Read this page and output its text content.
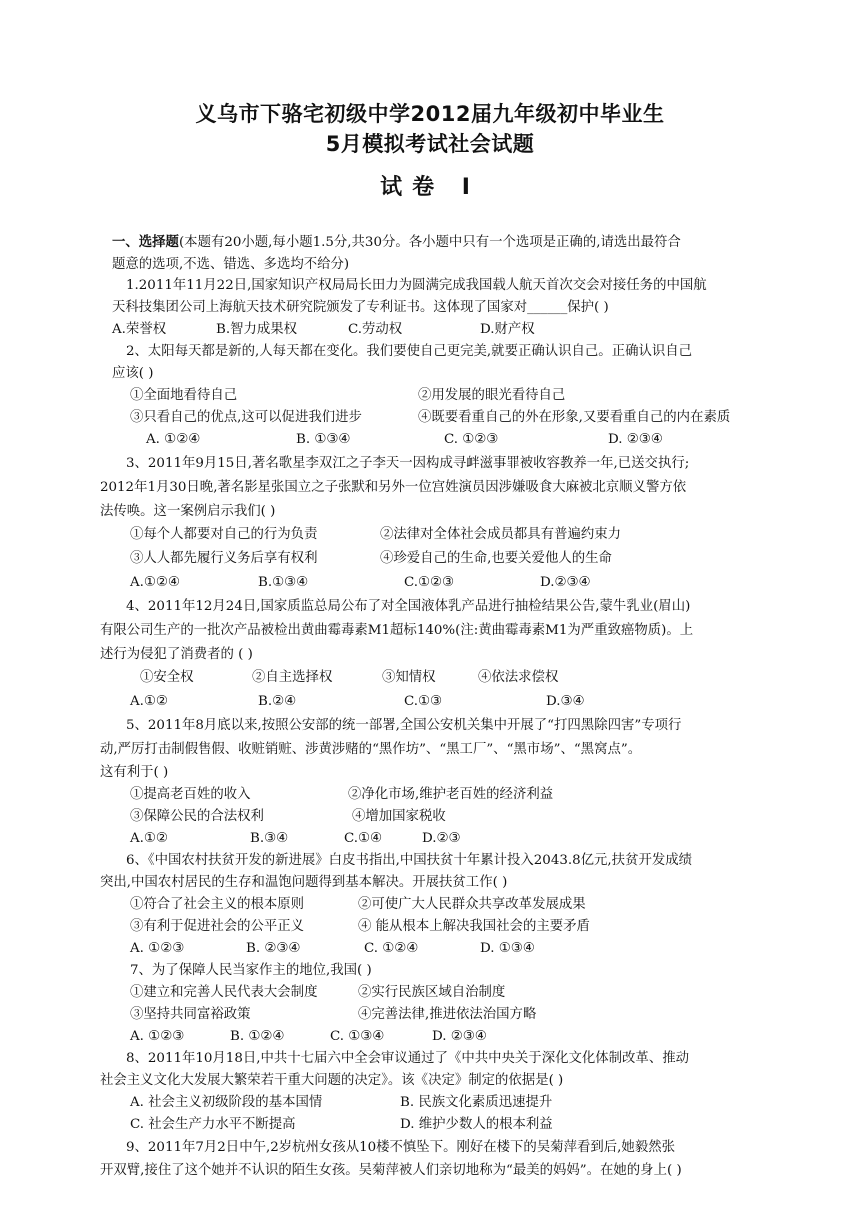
义乌市下骆宅初级中学2012届九年级初中毕业生
5月模拟考试社会试题
试卷 Ⅰ
一、选择题(本题有20小题,每小题1.5分,共30分。各小题中只有一个选项是正确的,请选出最符合
题意的选项,不选、错选、多选均不给分)
1.2011年11月22日,国家知识产权局局长田力为圆满完成我国载人航天首次交会对接任务的中国航
天科技集团公司上海航天技术研究院颁发了专利证书。这体现了国家对______保护( )
A.荣誉权	B.智力成果权	C.劳动权	D.财产权
2、太阳每天都是新的,人每天都在变化。我们要使自己更完美,就要正确认识自己。正确认识自己
应该( )
①全面地看待自己	②用发展的眼光看待自己
③只看自己的优点,这可以促进我们进步	④既要看重自己的外在形象,又要看重自己的内在素质
A. ①②④	B. ①③④	C. ①②③	D. ②③④
3、2011年9月15日,著名歌星李双江之子李天一因构成寻衅滋事罪被收容教养一年,已送交执行;
2012年1月30日晚,著名影星张国立之子张默和另外一位宫姓演员因涉嫌吸食大麻被北京顺义警方依
法传唤。这一案例启示我们( )
①每个人都要对自己的行为负责	②法律对全体社会成员都具有普遍约束力
③人人都先履行义务后享有权利	④珍爱自己的生命,也要关爱他人的生命
A.①②④	B.①③④	C.①②③	D.②③④
4、2011年12月24日,国家质监总局公布了对全国液体乳产品进行抽检结果公告,蒙牛乳业(眉山)
有限公司生产的一批次产品被检出黄曲霉毒素M1超标140%(注:黄曲霉毒素M1为严重致癌物质)。上
述行为侵犯了消费者的 ( )
①安全权	②自主选择权	③知情权	④依法求偿权
A.①②	B.②④	C.①③	D.③④
5、2011年8月底以来,按照公安部的统一部署,全国公安机关集中开展了“打四黑除四害”专项行
动,严厉打击制假售假、收赃销赃、涉黄涉赌的“黑作坊”、“黑工厂”、“黑市场”、“黑窝点”。
这有利于( )
①提高老百姓的收入	②净化市场,维护老百姓的经济利益
③保障公民的合法权利	④增加国家税收
A.①②	B.③④	C.①④	D.②③
6、《中国农村扶贫开发的新进展》白皮书指出,中国扶贫十年累计投入2043.8亿元,扶贫开发成绩
突出,中国农村居民的生存和温饱问题得到基本解决。开展扶贫工作( )
①符合了社会主义的根本原则	②可使广大人民群众共享改革发展成果
③有利于促进社会的公平正义	④ 能从根本上解决我国社会的主要矛盾
A. ①②③	B. ②③④	C. ①②④	D. ①③④
7、为了保障人民当家作主的地位,我国( )
①建立和完善人民代表大会制度	②实行民族区域自治制度
③坚持共同富裕政策	④完善法律,推进依法治国方略
A. ①②③	B. ①②④	C. ①③④	D. ②③④
8、2011年10月18日,中共十七届六中全会审议通过了《中共中央关于深化文化体制改革、推动
社会主义文化大发展大繁荣若干重大问题的决定》。该《决定》制定的依据是( )
A. 社会主义初级阶段的基本国情	B. 民族文化素质迅速提升
C. 社会生产力水平不断提高	D. 维护少数人的根本利益
9、2011年7月2日中午,2岁杭州女孩从10楼不慎坠下。刚好在楼下的吴菊萍看到后,她毅然张
开双臂,接住了这个她并不认识的陌生女孩。吴菊萍被人们亲切地称为“最美的妈妈”。在她的身上( )
